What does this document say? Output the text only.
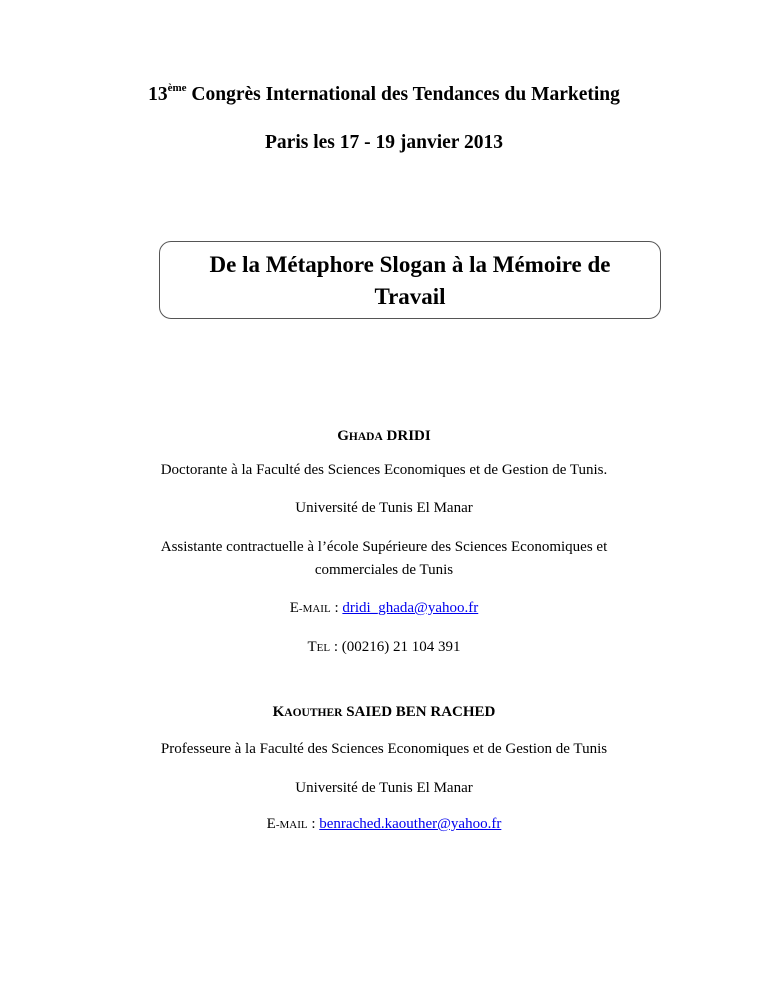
13ème Congrès International des Tendances du Marketing
Paris les 17 - 19 janvier 2013
De la Métaphore Slogan à la Mémoire de
Travail
GHADA DRIDI
Doctorante à la Faculté des Sciences Economiques et de Gestion de Tunis.
Université de Tunis El Manar
Assistante contractuelle à l’école Supérieure des Sciences Economiques et
commerciales de Tunis
E-MAIL : dridi_ghada@yahoo.fr
TEL : (00216) 21 104 391
KAOUTHER SAIED BEN RACHED
Professeure à la Faculté des Sciences Economiques et de Gestion de Tunis
Université de Tunis El Manar
E-MAIL : benrached.kaouther@yahoo.fr
